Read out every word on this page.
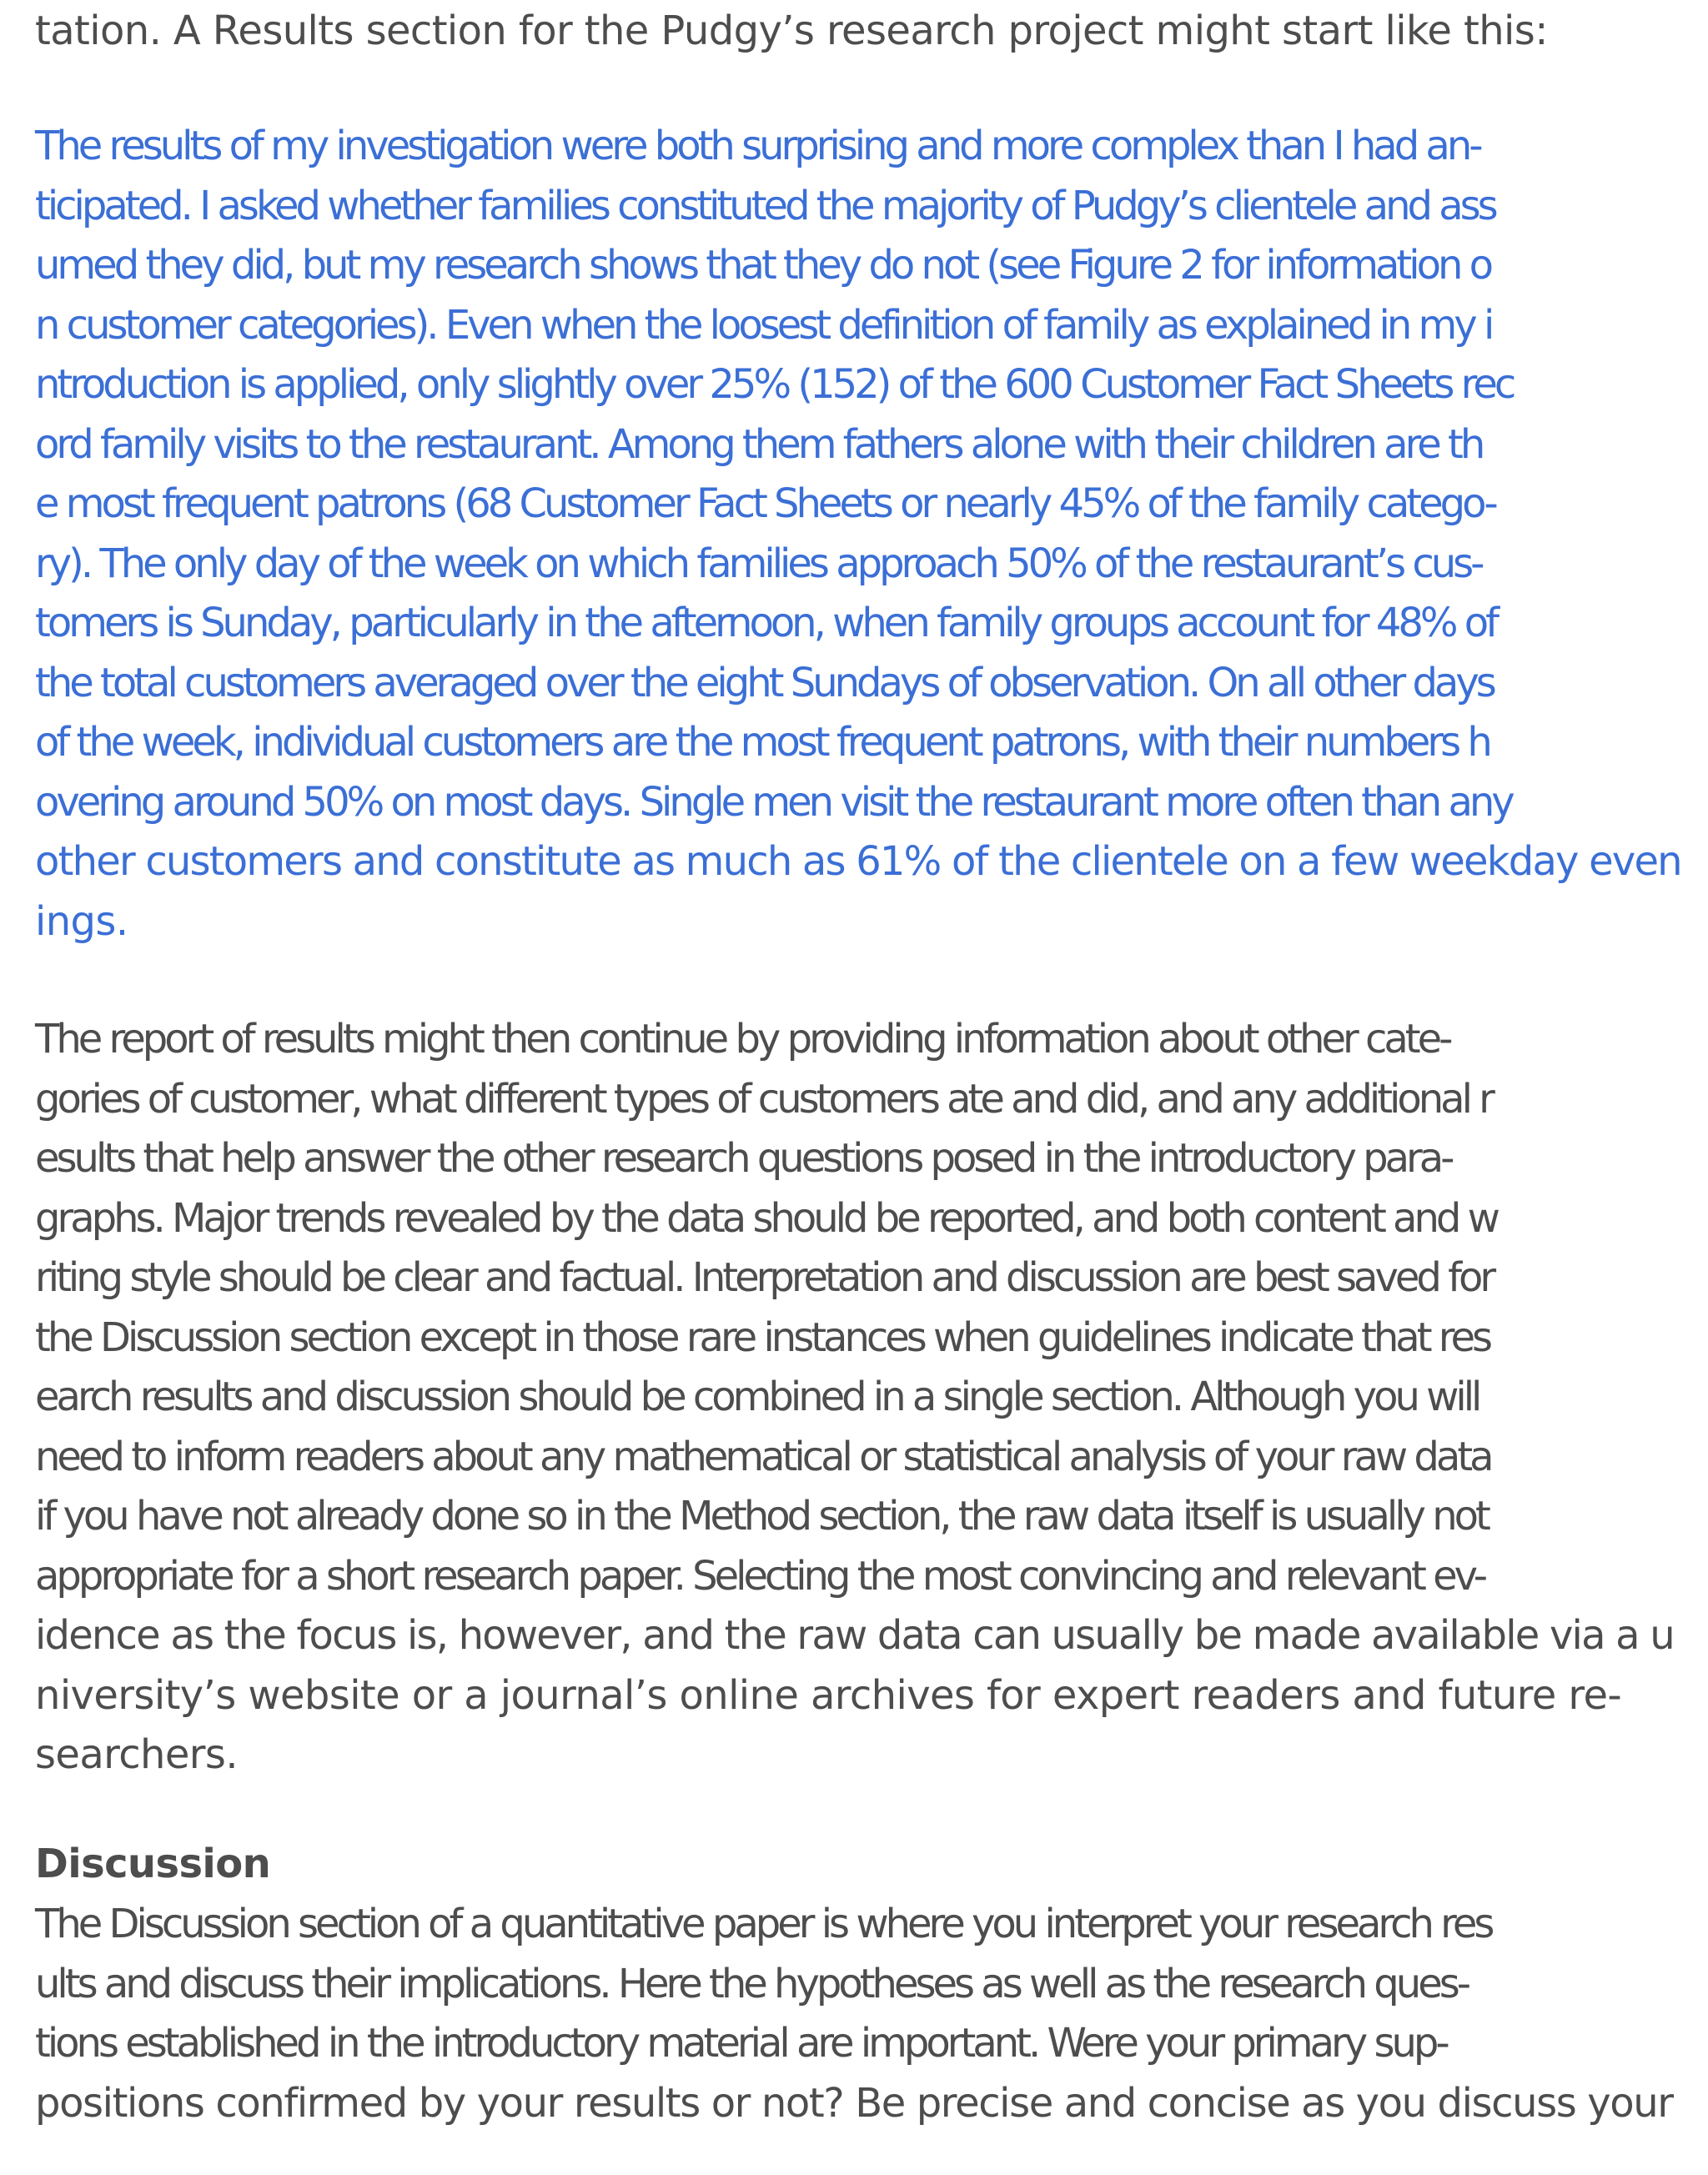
tation. A Results section for the Pudgy’s research project might start like this:
The results of my investigation were both surprising and more complex than I had an-
ticipated. I asked whether families constituted the majority of Pudgy’s clientele and ass
umed they did, but my research shows that they do not (see Figure 2 for information o
n customer categories). Even when the loosest definition of family as explained in my i
ntroduction is applied, only slightly over 25% (152) of the 600 Customer Fact Sheets rec
ord family visits to the restaurant. Among them fathers alone with their children are th
e most frequent patrons (68 Customer Fact Sheets or nearly 45% of the family catego-
ry). The only day of the week on which families approach 50% of the restaurant’s cus-
tomers is Sunday, particularly in the afternoon, when family groups account for 48% of
the total customers averaged over the eight Sundays of observation. On all other days
of the week, individual customers are the most frequent patrons, with their numbers h
overing around 50% on most days. Single men visit the restaurant more often than any
other customers and constitute as much as 61% of the clientele on a few weekday even
ings.
The report of results might then continue by providing information about other cate-
gories of customer, what different types of customers ate and did, and any additional r
esults that help answer the other research questions posed in the introductory para-
graphs. Major trends revealed by the data should be reported, and both content and w
riting style should be clear and factual. Interpretation and discussion are best saved for
the Discussion section except in those rare instances when guidelines indicate that res
earch results and discussion should be combined in a single section. Although you will
need to inform readers about any mathematical or statistical analysis of your raw data
if you have not already done so in the Method section, the raw data itself is usually not
appropriate for a short research paper. Selecting the most convincing and relevant ev-
idence as the focus is, however, and the raw data can usually be made available via a u
niversity’s website or a journal’s online archives for expert readers and future re-
searchers.
Discussion
The Discussion section of a quantitative paper is where you interpret your research res
ults and discuss their implications. Here the hypotheses as well as the research ques-
tions established in the introductory material are important. Were your primary sup-
positions confirmed by your results or not? Be precise and concise as you discuss your
